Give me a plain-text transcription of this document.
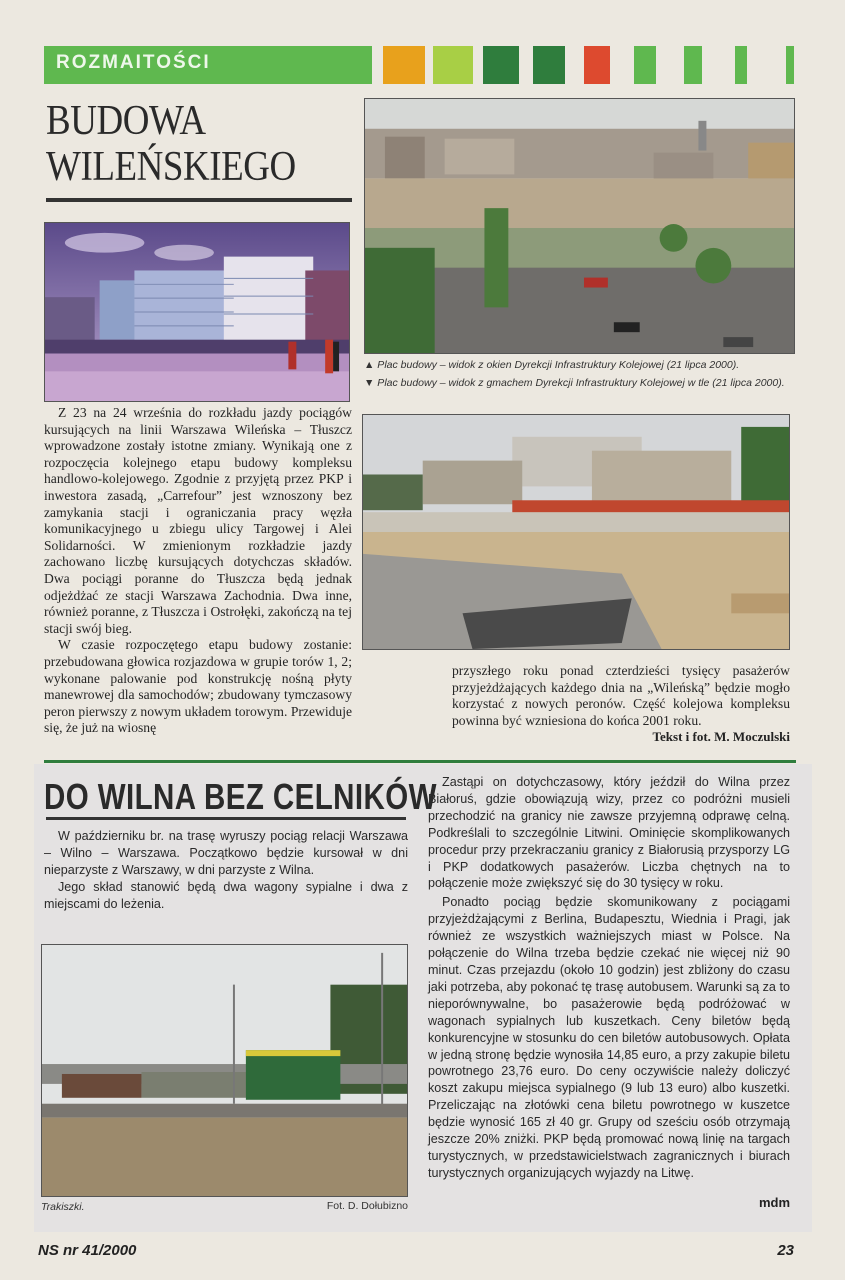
ROZMAITOŚCI
BUDOWA
WILEŃSKIEGO
▲ Plac budowy – widok z okien Dyrekcji Infrastruktury Kolejowej (21 lipca 2000).
▼ Plac budowy – widok z gmachem Dyrekcji Infrastruktury Kolejowej w tle (21 lipca 2000).

Z 23 na 24 września do rozkładu jazdy pociągów kursujących na linii Warszawa Wileńska – Tłuszcz wprowadzone zostały istotne zmiany. Wynikają one z rozpoczęcia kolejnego etapu budowy kompleksu handlowo-kolejowego. Zgodnie z przyjętą przez PKP i inwestora zasadą, „Carrefour” jest wznoszony bez zamykania stacji i ograniczania pracy węzła komunikacyjnego u zbiegu ulicy Targowej i Alei Solidarności. W zmienionym rozkładzie jazdy zachowano liczbę kursujących dotychczas składów. Dwa pociągi poranne do Tłuszcza będą jednak odjeżdżać ze stacji Warszawa Zachodnia. Dwa inne, również poranne, z Tłuszcza i Ostrołęki, zakończą na tej stacji swój bieg.

W czasie rozpoczętego etapu budowy zostanie: przebudowana głowica rozjazdowa w grupie torów 1, 2; wykonane palowanie pod konstrukcję nośną płyty manewrowej dla samochodów; zbudowany tymczasowy peron pierwszy z nowym układem torowym. Przewiduje się, że już na wiosnę

przyszłego roku ponad czterdzieści tysięcy pasażerów przyjeżdżających każdego dnia na „Wileńską” będzie mogło korzystać z nowych peronów. Część kolejowa kompleksu powinna być wzniesiona do końca 2001 roku.

Tekst i fot. M. Moczulski
DO WILNA BEZ CELNIKÓW

W październiku br. na trasę wyruszy pociąg relacji Warszawa – Wilno – Warszawa. Początkowo będzie kursował w dni nieparzyste z Warszawy, w dni parzyste z Wilna.

Jego skład stanowić będą dwa wagony sypialne i dwa z miejscami do leżenia.

Trakiszki.	Fot. D. Dołubizno

Zastąpi on dotychczasowy, który jeździł do Wilna przez Białoruś, gdzie obowiązują wizy, przez co podróżni musieli przechodzić na granicy nie zawsze przyjemną odprawę celną. Podkreślali to szczególnie Litwini. Ominięcie skomplikowanych procedur przy przekraczaniu granicy z Białorusią przysporzy LG i PKP dodatkowych pasażerów. Liczba chętnych na to połączenie może zwiększyć się do 30 tysięcy w roku.

Ponadto pociąg będzie skomunikowany z pociągami przyjeżdżającymi z Berlina, Budapesztu, Wiednia i Pragi, jak również ze wszystkich ważniejszych miast w Polsce. Na połączenie do Wilna trzeba będzie czekać nie więcej niż 90 minut. Czas przejazdu (około 10 godzin) jest zbliżony do czasu jaki potrzeba, aby pokonać tę trasę autobusem. Warunki są za to nieporównywalne, bo pasażerowie będą podróżować w wagonach sypialnych lub kuszetkach. Ceny biletów będą konkurencyjne w stosunku do cen biletów autobusowych. Opłata w jedną stronę będzie wynosiła 14,85 euro, a przy zakupie biletu powrotnego 23,76 euro. Do ceny oczywiście należy doliczyć koszt zakupu miejsca sypialnego (9 lub 13 euro) albo kuszetki. Przeliczając na złotówki cena biletu powrotnego w kuszetce będzie wynosić 165 zł 40 gr. Grupy od sześciu osób otrzymają jeszcze 20% zniżki. PKP będą promować nową linię na targach turystycznych, w przedstawicielstwach zagranicznych i biurach turystycznych organizujących wyjazdy na Litwę.

mdm
NS nr 41/2000	23
